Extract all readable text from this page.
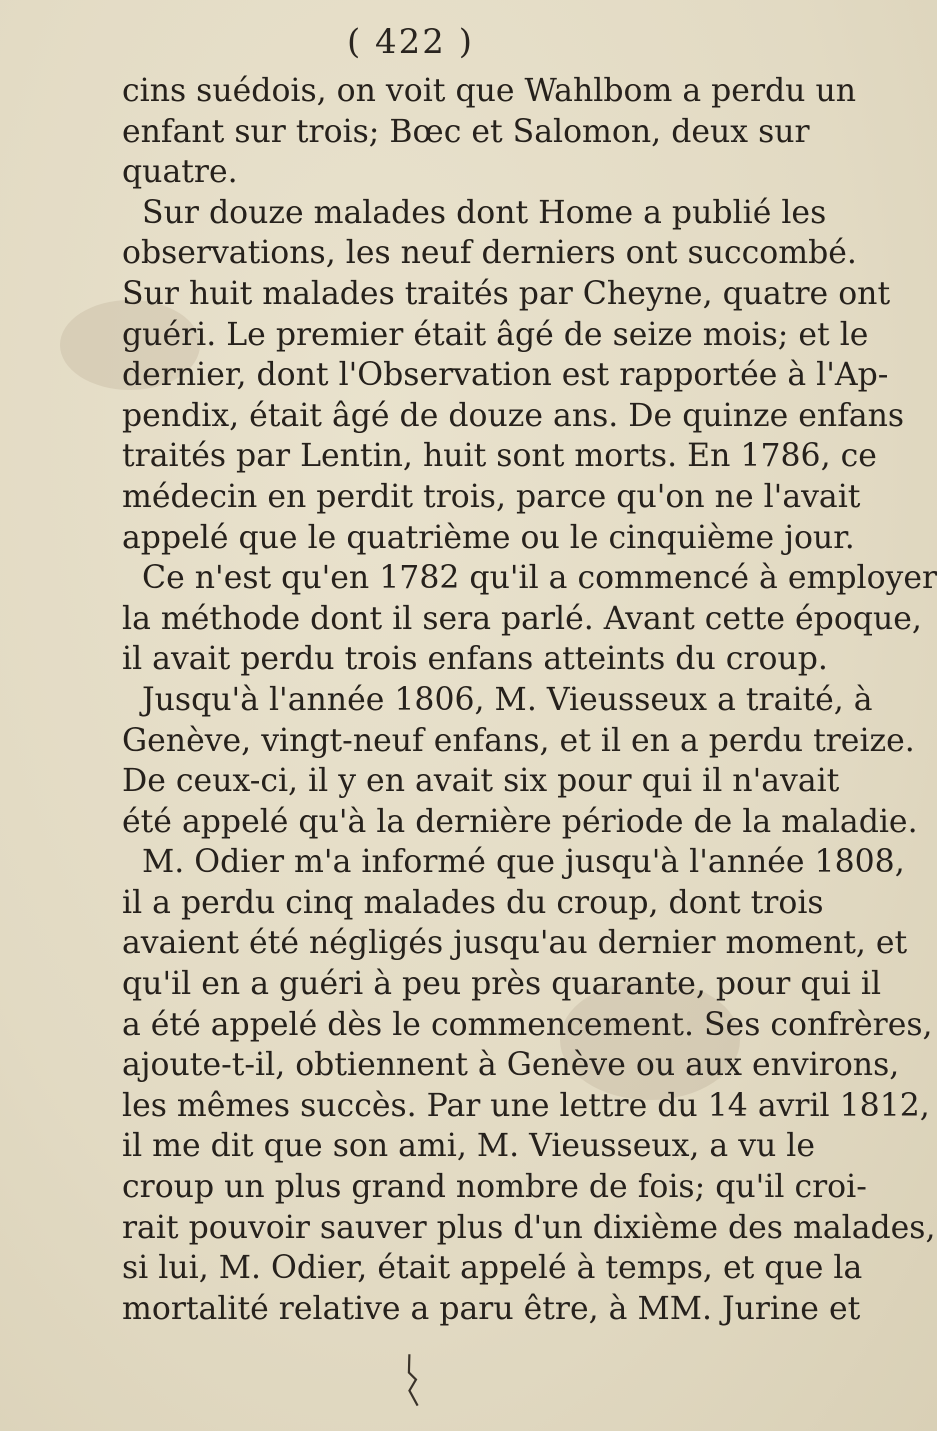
( 422 )
cins suédois, on voit que Wahlbom a perdu un
enfant sur trois; Bœc et Salomon, deux sur
quatre.
Sur douze malades dont Home a publié les
observations, les neuf derniers ont succombé.
Sur huit malades traités par Cheyne, quatre ont
guéri. Le premier était âgé de seize mois; et le
dernier, dont l'Observation est rapportée à l'Ap-
pendix, était âgé de douze ans. De quinze enfans
traités par Lentin, huit sont morts. En 1786, ce
médecin en perdit trois, parce qu'on ne l'avait
appelé que le quatrième ou le cinquième jour.
Ce n'est qu'en 1782 qu'il a commencé à employer
la méthode dont il sera parlé. Avant cette époque,
il avait perdu trois enfans atteints du croup.
Jusqu'à l'année 1806, M. Vieusseux a traité, à
Genève, vingt-neuf enfans, et il en a perdu treize.
De ceux-ci, il y en avait six pour qui il n'avait
été appelé qu'à la dernière période de la maladie.
M. Odier m'a informé que jusqu'à l'année 1808,
il a perdu cinq malades du croup, dont trois
avaient été négligés jusqu'au dernier moment, et
qu'il en a guéri à peu près quarante, pour qui il
a été appelé dès le commencement. Ses confrères,
ajoute-t-il, obtiennent à Genève ou aux environs,
les mêmes succès. Par une lettre du 14 avril 1812,
il me dit que son ami, M. Vieusseux, a vu le
croup un plus grand nombre de fois; qu'il croi-
rait pouvoir sauver plus d'un dixième des malades,
si lui, M. Odier, était appelé à temps, et que la
mortalité relative a paru être, à MM. Jurine et
